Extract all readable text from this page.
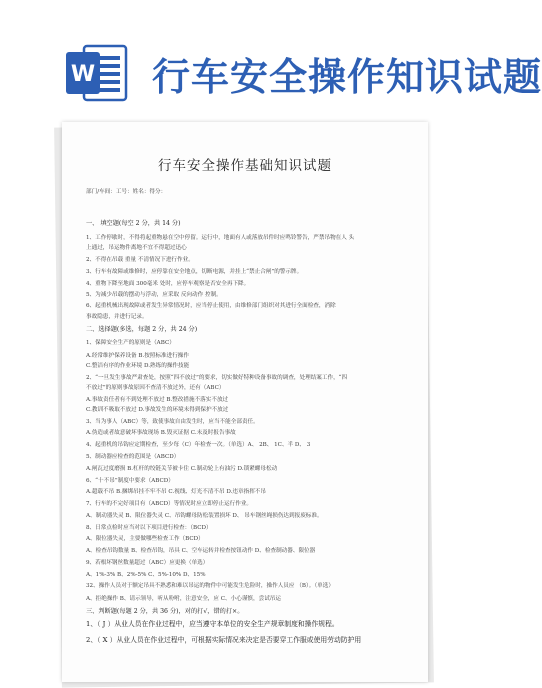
W 行车安全操作知识试题
行车安全操作基础知识试题
部门/车间：工号：姓名：得分：
一、 填空题(每空 2 分，共 14 分)
1、工作停歇时，不得将起重物悬在空中停留。运行中，地面有人或落放吊件时应鸣铃警告，严禁吊物在人 头
上通过，吊运物件离地不宜不得超过迅心
2、不得在吊载 重量 不清情况下进行作业。
3、行车有故障或维修时，应停靠在安全地点，切断电源，并挂上“禁止合闸”的警示牌。
4、重物下降至地面 300毫米 处时，应停车观察是否安全再下降。
5、为减少吊载的摆动与浮动，应采取 反向动作 控制。
6、起重机械出现故障或者发生异常情况时，应当停止使用，由维修部门组织对其进行全面检查，消除
事故隐患，并进行记录。
二、选择题(多选，每题 2 分，共 24 分)
1、保障安全生产的原则是（ABC）
A.经常维护保养设备 B.按照标准进行操作
C.整洁有序的作业环境 D.熟练的操作技能
2、“一旦发生事故严肃查处，按照“四不放过”的要求，切实做好特种设备事故的调查，处理结案工作，“四
不放过”的原则事故原因不查清不放过外，还有（ABC）
A.事故责任者有不到处理不放过 B.整改措施不落实不放过
C.教训不吸取不放过 D.事故发生的环境未得到保护不放过
3、当为事人（ABC）等，致使事故自由发生时，应当不能全部责任。
A.伪造或者故意破坏事故现场 B.毁灭证据 C.未及时报告事故
4、起重机的吊钩应定期检查，至少每（C）年检查一次。（单选）A、 2B、 1C、半 D、 3
5、制动器应检查的范围是（ABCD）
A.闸瓦过度磨损 B.杠杆的绞链关节被卡住 C.制动轮上有油污 D.锁紧螺母松动
6、“十不吊”制度中要求（ABCD）
A.超载不吊 B.捆绑吊挂不牢不吊 C.视线、灯光不清不吊 D.违章指挥不吊
7、行车的不完好项目有（ABCD）等情况时应立即停止运行作业。
A、制动器失灵 B、限位器失灵 C、吊钩螺母防松装置损坏 D、 吊车钢丝绳损伤达到报废标准。
8、日常点检时应当对以下项目进行检查：（BCD）
A、限位器失灵，主要做哪些检查工作（BCD）
A、检查吊钩数量 B、检查吊钩，吊具 C、空车运转并检查按钮动作 D、检查制动器、限位器
9、若根坏钢丝数量超过（ABC）应更换（单选）
A、1%-3% B、2%-5% C、5%-10% D、15%
32、操作人员对于额定吊具不熟悉和难以吊运的物件中可能发生危险时，操作人员应 （B）。（单选）
A、拒绝操作 B、请示领导，听从吩咐，注意安全，应 C、小心谨慎，尝试吊运
三、判断题(每题 2 分，共 36 分)，对的打√，错的打×。
1、（ J ）从业人员在作业过程中，应当遵守本单位的安全生产规章制度和操作规程。
2、（ X ）从业人员在作业过程中，可根据实际情况来决定是否要穿工作服或使用劳动防护用
